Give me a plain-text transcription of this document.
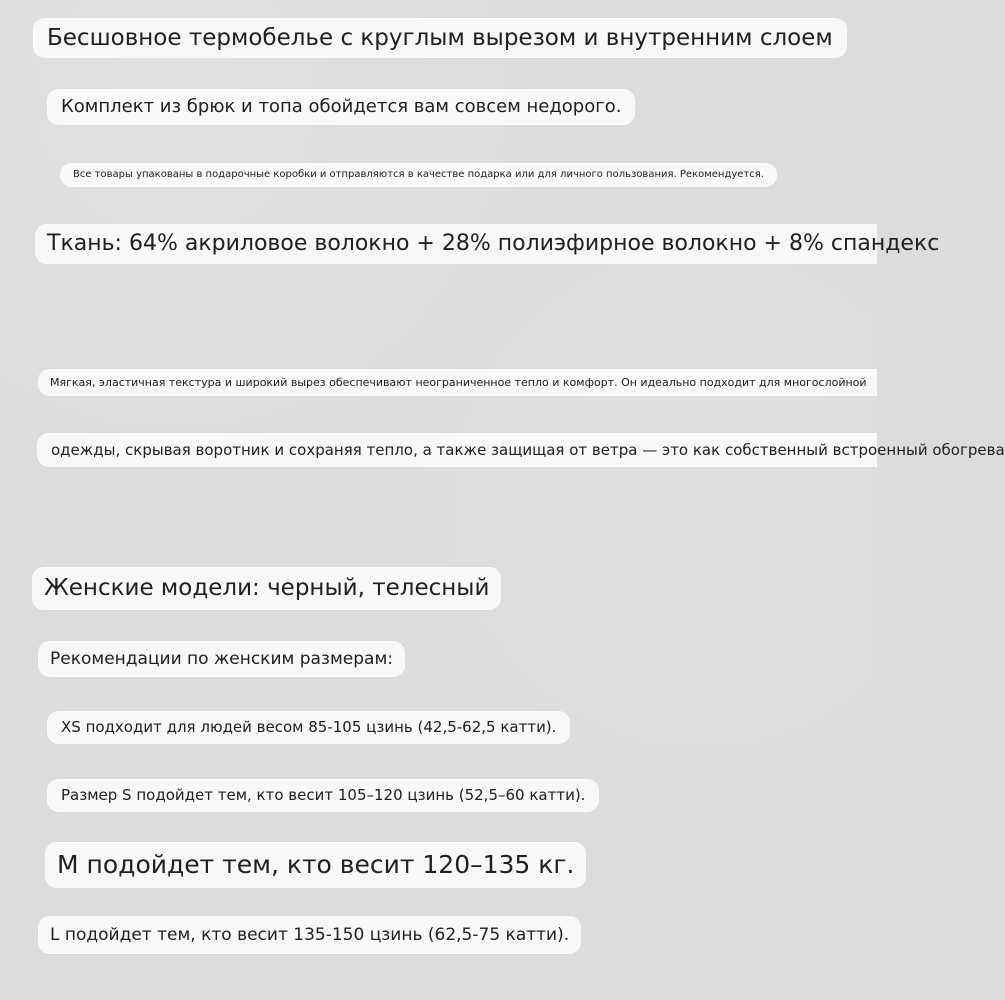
Бесшовное термобелье с круглым вырезом и внутренним слоем
Комплект из брюк и топа обойдется вам совсем недорого.
Все товары упакованы в подарочные коробки и отправляются в качестве подарка или для личного пользования. Рекомендуется.
Ткань: 64% акриловое волокно + 28% полиэфирное волокно + 8% спандекс
Мягкая, эластичная текстура и широкий вырез обеспечивают неограниченное тепло и комфорт. Он идеально подходит для многослойной
одежды, скрывая воротник и сохраняя тепло, а также защищая от ветра — это как собственный встроенный обогрева
Женские модели: черный, телесный
Рекомендации по женским размерам:
XS подходит для людей весом 85-105 цзинь (42,5-62,5 катти).
Размер S подойдет тем, кто весит 105–120 цзинь (52,5–60 катти).
M подойдет тем, кто весит 120–135 кг.
L подойдет тем, кто весит 135-150 цзинь (62,5-75 катти).
